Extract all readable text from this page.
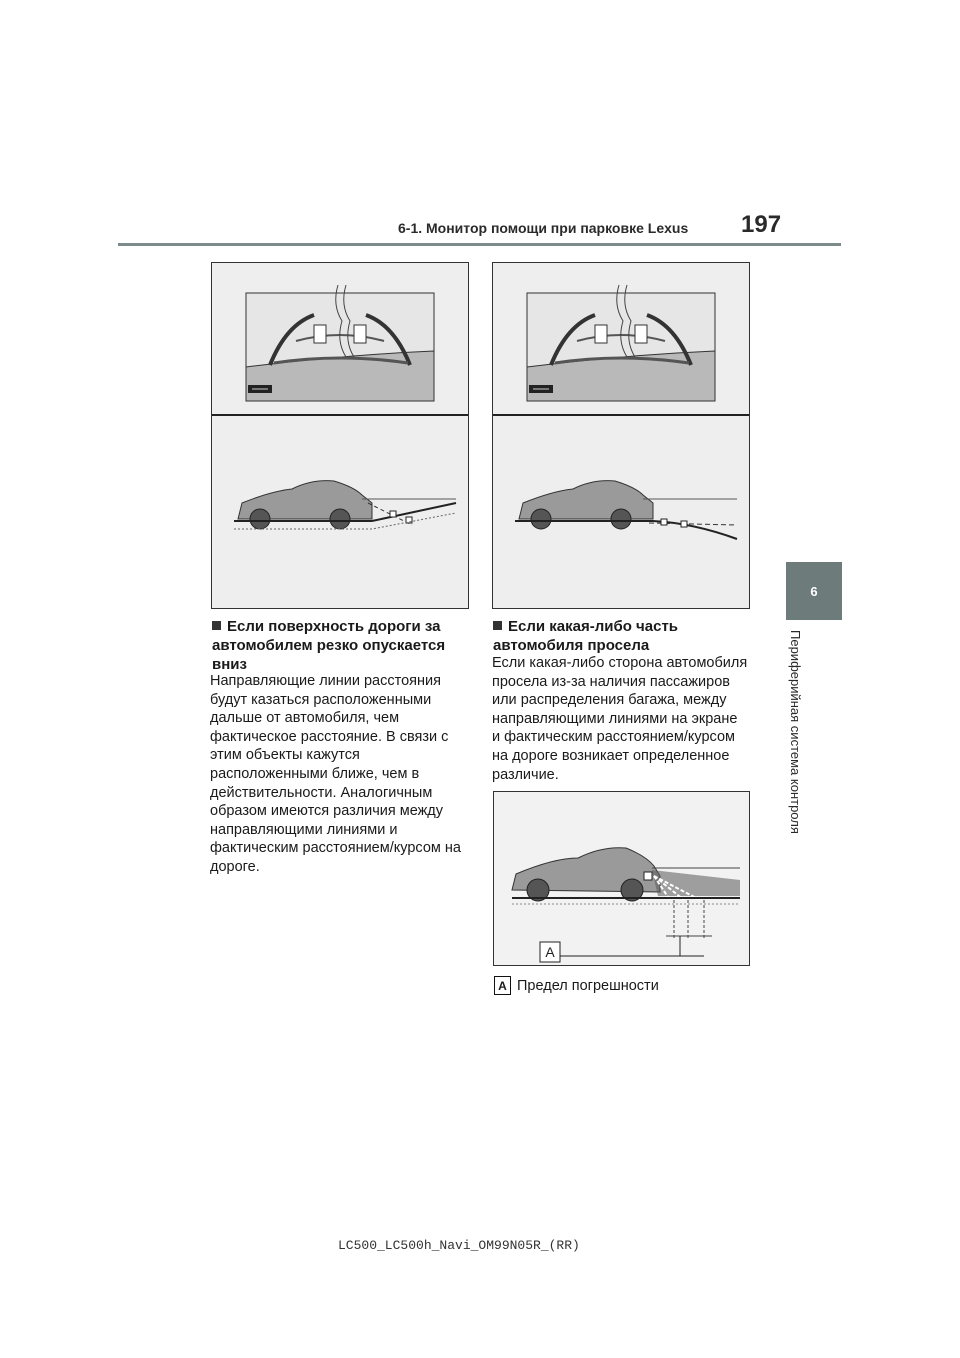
6-1. Монитор помощи при парковке Lexus 197
6
Периферийная система контроля
Если поверхность дороги за автомобилем резко опускается вниз
Направляющие линии расстояния будут казаться расположенными дальше от автомобиля, чем фактическое расстояние. В связи с этим объекты кажутся расположенными ближе, чем в действительности. Аналогичным образом имеются различия между направляющими линиями и фактическим расстоянием/курсом на дороге.
Если какая-либо часть автомобиля просела
Если какая-либо сторона автомобиля просела из-за наличия пассажиров или распределения багажа, между направляющими линиями на экране и фактическим расстоянием/курсом на дороге возникает определенное различие.
A
A Предел погрешности
LC500_LC500h_Navi_OM99N05R_(RR)
